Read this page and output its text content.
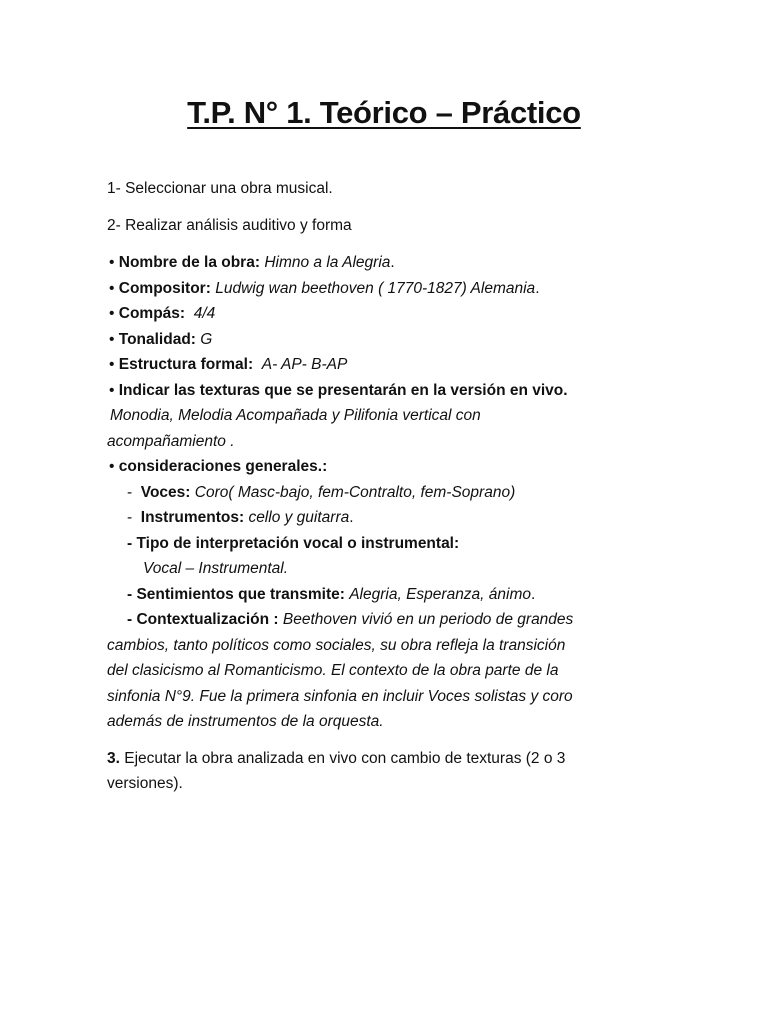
T.P. N° 1. Teórico – Práctico

1- Seleccionar una obra musical.

2- Realizar análisis auditivo y forma

• Nombre de la obra: Himno a la Alegria.

• Compositor: Ludwig wan beethoven ( 1770-1827) Alemania.

• Compás: 4/4

• Tonalidad: G

• Estructura formal: A- AP- B-AP

• Indicar las texturas que se presentarán en la versión en vivo.

Monodia, Melodia Acompañada y Pilifonia vertical con

acompañamiento .

• consideraciones generales.:

-  Voces: Coro( Masc-bajo, fem-Contralto, fem-Soprano)

-  Instrumentos: cello y guitarra.

- Tipo de interpretación vocal o instrumental:

Vocal – Instrumental.

- Sentimientos que transmite: Alegria, Esperanza, ánimo.

- Contextualización : Beethoven vivió en un periodo de grandes

cambios, tanto políticos como sociales, su obra refleja la transición

del clasicismo al Romanticismo. El contexto de la obra parte de la

sinfonia N°9. Fue la primera sinfonia en incluir Voces solistas y coro

además de instrumentos de la orquesta.

3. Ejecutar la obra analizada en vivo con cambio de texturas (2 o 3

versiones).
